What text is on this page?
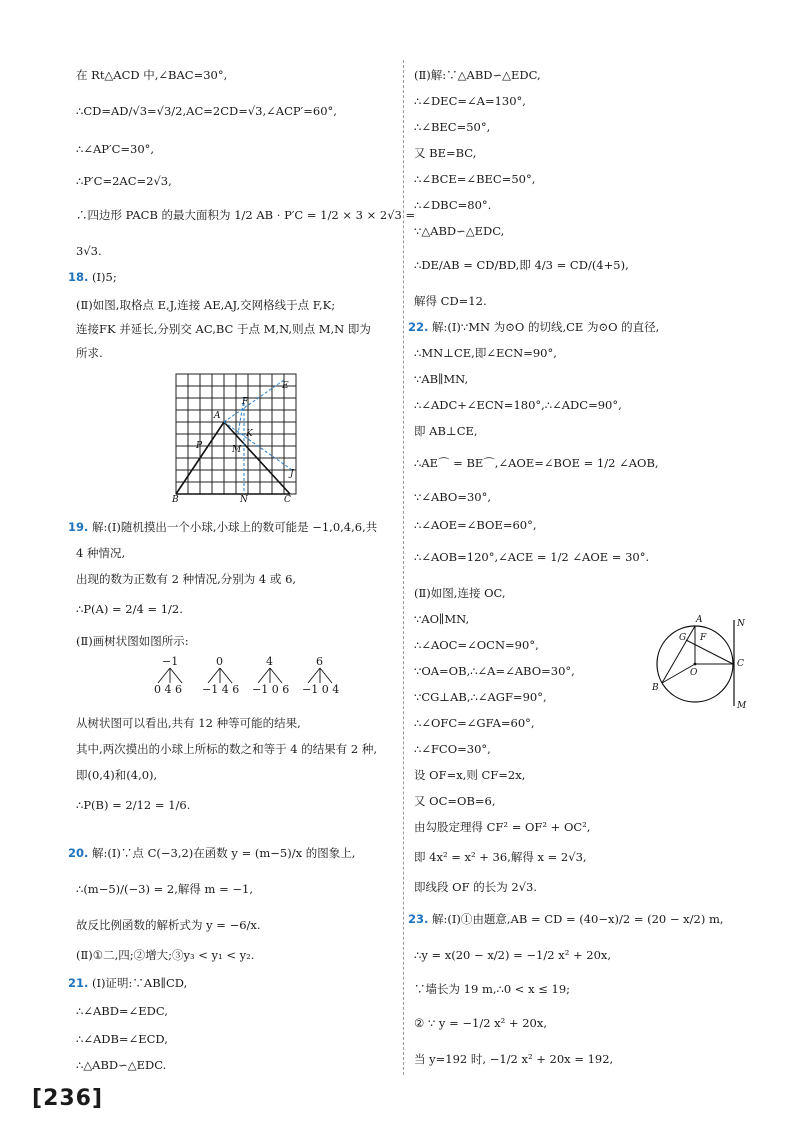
在 Rt△ACD 中,∠BAC=30°,
∴CD=AD/√3=√3/2,AC=2CD=√3,∠ACP′=60°,
∴∠AP′C=30°,
∴P′C=2AC=2√3,
∴四边形 PACB 的最大面积为 1/2 AB · P′C = 1/2 × 3 × 2√3 =
3√3.
18. (Ⅰ)5;
(Ⅱ)如图,取格点 E,J,连接 AE,AJ,交网格线于点 F,K;
连接FK 并延长,分别交 AC,BC 于点 M,N,则点 M,N 即为
所求.
19. 解:(Ⅰ)随机摸出一个小球,小球上的数可能是 −1,0,4,6,共
4 种情况,
出现的数为正数有 2 种情况,分别为 4 或 6,
∴P(A) = 2/4 = 1/2.
(Ⅱ)画树状图如图所示:
从树状图可以看出,共有 12 种等可能的结果,
其中,两次摸出的小球上所标的数之和等于 4 的结果有 2 种,
即(0,4)和(4,0),
∴P(B) = 2/12 = 1/6.
20. 解:(Ⅰ)∵点 C(−3,2)在函数 y = (m−5)/x 的图象上,
∴(m−5)/(−3) = 2,解得 m = −1,
故反比例函数的解析式为 y = −6/x.
(Ⅱ)①二,四;②增大;③y₃ < y₁ < y₂.
21. (Ⅰ)证明:∵AB∥CD,
∴∠ABD=∠EDC,
∴∠ADB=∠ECD,
∴△ABD∽△EDC.
(Ⅱ)解:∵△ABD∽△EDC,
∴∠DEC=∠A=130°,
∴∠BEC=50°,
又 BE=BC,
∴∠BCE=∠BEC=50°,
∴∠DBC=80°.
∵△ABD∽△EDC,
∴DE/AB = CD/BD,即 4/3 = CD/(4+5),
解得 CD=12.
22. 解:(Ⅰ)∵MN 为⊙O 的切线,CE 为⊙O 的直径,
∴MN⊥CE,即∠ECN=90°,
∵AB∥MN,
∴∠ADC+∠ECN=180°,∴∠ADC=90°,
即 AB⊥CE,
∴AE⌒ = BE⌒,∠AOE=∠BOE = 1/2 ∠AOB,
∵∠ABO=30°,
∴∠AOE=∠BOE=60°,
∴∠AOB=120°,∠ACE = 1/2 ∠AOE = 30°.
(Ⅱ)如图,连接 OC,
∵AO∥MN,
∴∠AOC=∠OCN=90°,
∵OA=OB,∴∠A=∠ABO=30°,
∵CG⊥AB,∴∠AGF=90°,
∴∠OFC=∠GFA=60°,
∴∠FCO=30°,
设 OF=x,则 CF=2x,
又 OC=OB=6,
由勾股定理得 CF² = OF² + OC²,
即 4x² = x² + 36,解得 x = 2√3,
即线段 OF 的长为 2√3.
23. 解:(Ⅰ)①由题意,AB = CD = (40−x)/2 = (20 − x/2) m,
∴y = x(20 − x/2) = −1/2 x² + 20x,
∵墙长为 19 m,∴0 < x ≤ 19;
② ∵ y = −1/2 x² + 20x,
当 y=192 时, −1/2 x² + 20x = 192,
A
B	C
E
F
J
K
M
N
P
−1	0	4	6
0 4 6 −1 4 6 −1 0 6 −1 0 4
A
B
C
F
G
N
M
O
[236]
